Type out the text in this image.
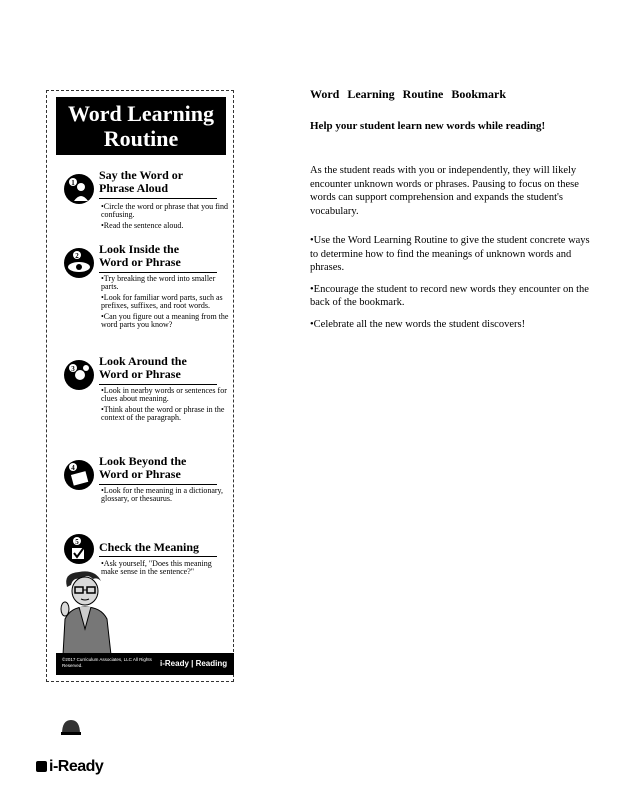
Word Learning
Routine
1
Say the Word or
Phrase Aloud
•Circle the word or phrase that you find confusing.
•Read the sentence aloud.
2 Look Inside the
Word or Phrase
•Try breaking the word into smaller parts.
•Look for familiar word parts, such as prefixes, suffixes, and root words.
•Can you figure out a meaning from the word parts you know?
3
Look Around the
Word or Phrase
•Look in nearby words or sentences for clues about meaning.
•Think about the word or phrase in the context of the paragraph.
4 Look Beyond the
Word or Phrase
•Look for the meaning in a dictionary, glossary, or thesaurus.
5 Check the Meaning
•Ask yourself, "Does this meaning make sense in the sentence?"
©2017 Curriculum Associates, LLC All Rights Reserved.	i-Ready | Reading
Word Learning Routine Bookmark
Help your student learn new words while reading!
As the student reads with you or independently, they will likely encounter unknown words or phrases. Pausing to focus on these words can support comprehension and expands the student's vocabulary.
•Use the Word Learning Routine to give the student concrete ways to determine how to find the meanings of unknown words and phrases.
•Encourage the student to record new words they encounter on the back of the bookmark.
•Celebrate all the new words the student discovers!
i-Ready
